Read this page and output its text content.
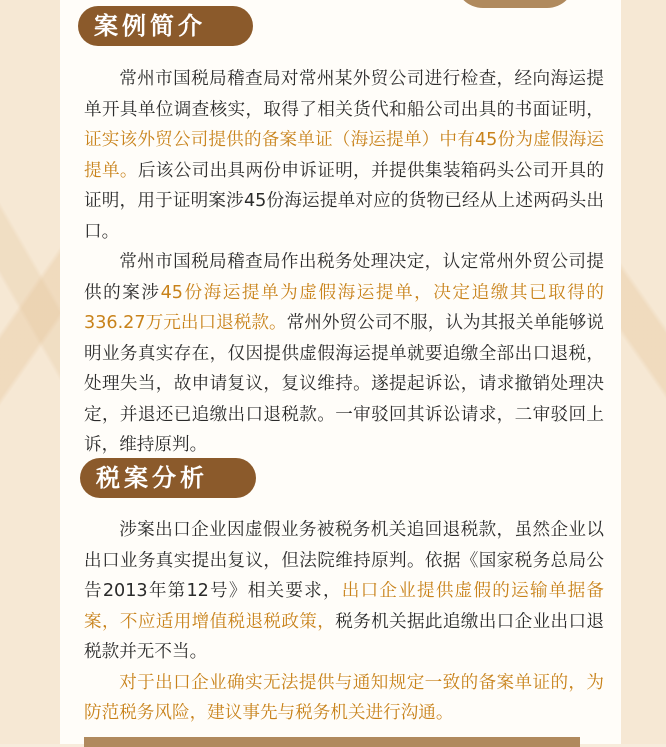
案例简介

常州市国税局稽查局对常州某外贸公司进行检查，经向海运提单开具单位调查核实，取得了相关货代和船公司出具的书面证明，证实该外贸公司提供的备案单证（海运提单）中有45份为虚假海运提单。后该公司出具两份申诉证明，并提供集装箱码头公司开具的证明，用于证明案涉45份海运提单对应的货物已经从上述两码头出口。

常州市国税局稽查局作出税务处理决定，认定常州外贸公司提供的案涉45份海运提单为虚假海运提单，决定追缴其已取得的336.27万元出口退税款。常州外贸公司不服，认为其报关单能够说明业务真实存在，仅因提供虚假海运提单就要追缴全部出口退税，处理失当，故申请复议，复议维持。遂提起诉讼，请求撤销处理决定，并退还已追缴出口退税款。一审驳回其诉讼请求，二审驳回上诉，维持原判。

税案分析

涉案出口企业因虚假业务被税务机关追回退税款，虽然企业以出口业务真实提出复议，但法院维持原判。依据《国家税务总局公告2013年第12号》相关要求，出口企业提供虚假的运输单据备案，不应适用增值税退税政策，税务机关据此追缴出口企业出口退税款并无不当。

对于出口企业确实无法提供与通知规定一致的备案单证的，为防范税务风险，建议事先与税务机关进行沟通。
